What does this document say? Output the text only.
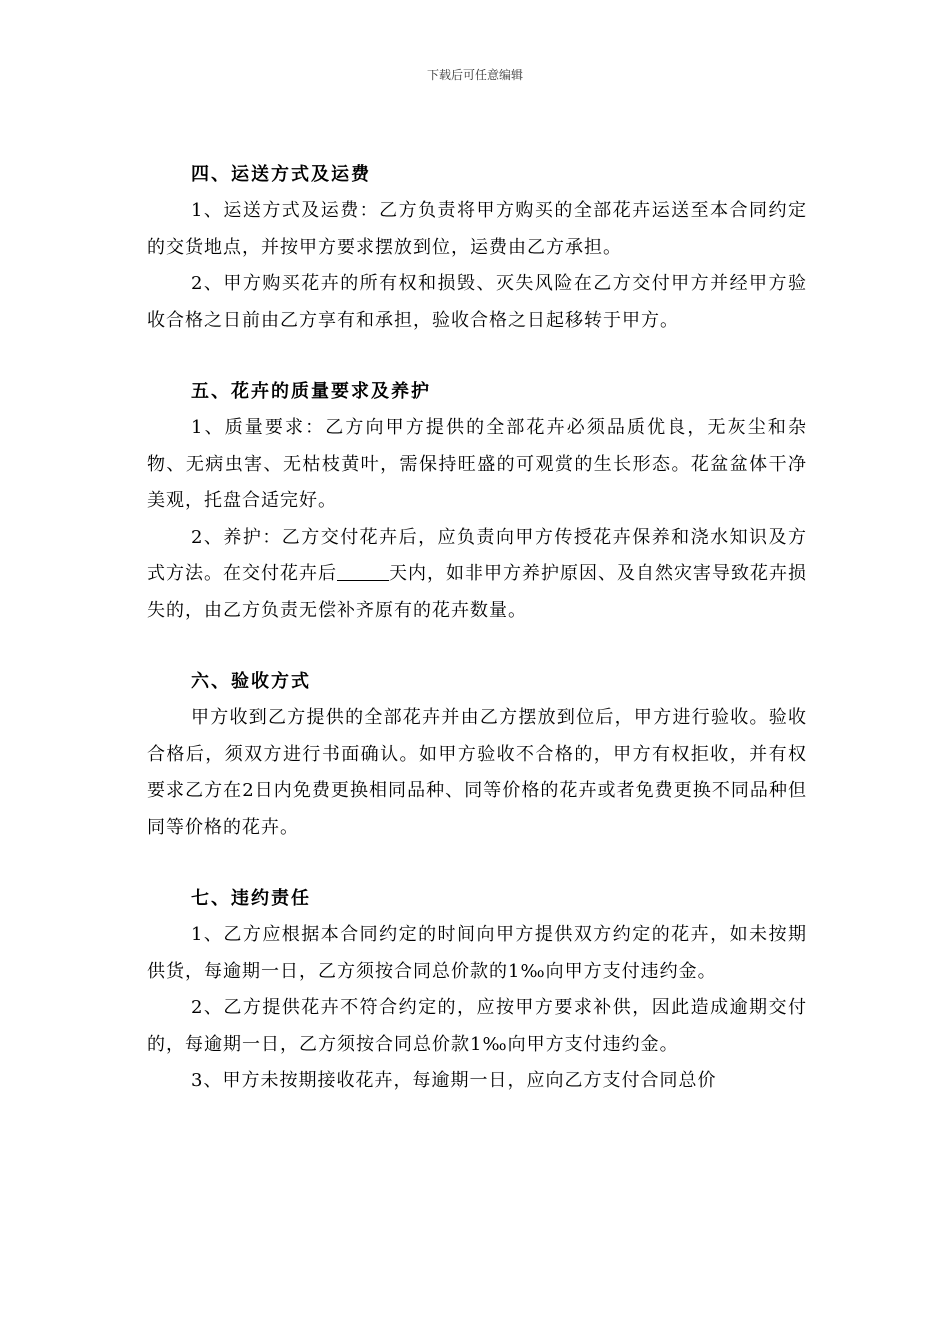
下载后可任意编辑
四、运送方式及运费

1、运送方式及运费：乙方负责将甲方购买的全部花卉运送至本合同约定的交货地点，并按甲方要求摆放到位，运费由乙方承担。

2、甲方购买花卉的所有权和损毁、灭失风险在乙方交付甲方并经甲方验收合格之日前由乙方享有和承担，验收合格之日起移转于甲方。

五、花卉的质量要求及养护

1、质量要求：乙方向甲方提供的全部花卉必须品质优良，无灰尘和杂物、无病虫害、无枯枝黄叶，需保持旺盛的可观赏的生长形态。花盆盆体干净美观，托盘合适完好。

2、养护：乙方交付花卉后，应负责向甲方传授花卉保养和浇水知识及方式方法。在交付花卉后	天内，如非甲方养护原因、及自然灾害导致花卉损失的，由乙方负责无偿补齐原有的花卉数量。

六、验收方式

甲方收到乙方提供的全部花卉并由乙方摆放到位后，甲方进行验收。验收合格后，须双方进行书面确认。如甲方验收不合格的，甲方有权拒收，并有权要求乙方在2日内免费更换相同品种、同等价格的花卉或者免费更换不同品种但同等价格的花卉。

七、违约责任

1、乙方应根据本合同约定的时间向甲方提供双方约定的花卉，如未按期供货，每逾期一日，乙方须按合同总价款的1‰向甲方支付违约金。

2、乙方提供花卉不符合约定的，应按甲方要求补供，因此造成逾期交付的，每逾期一日，乙方须按合同总价款1‰向甲方支付违约金。

3、甲方未按期接收花卉，每逾期一日，应向乙方支付合同总价
